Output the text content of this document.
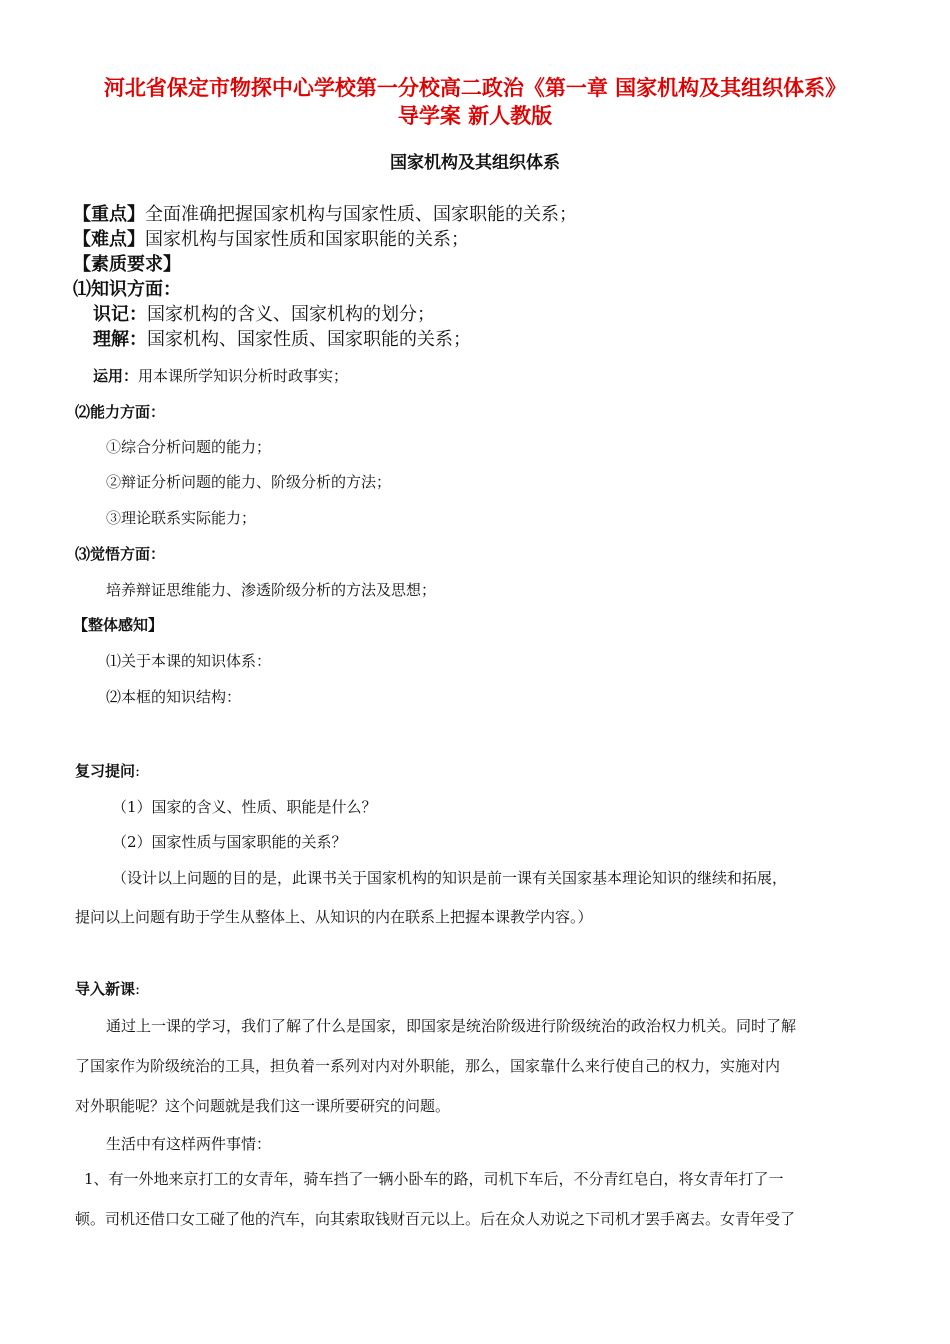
河北省保定市物探中心学校第一分校高二政治《第一章 国家机构及其组织体系》
导学案 新人教版
国家机构及其组织体系
【重点】全面准确把握国家机构与国家性质、国家职能的关系；
【难点】国家机构与国家性质和国家职能的关系；
【素质要求】
⑴知识方面：
识记：国家机构的含义、国家机构的划分；
理解：国家机构、国家性质、国家职能的关系；
运用：用本课所学知识分析时政事实；
⑵能力方面：
①综合分析问题的能力；
②辩证分析问题的能力、阶级分析的方法；
③理论联系实际能力；
⑶觉悟方面：
培养辩证思维能力、渗透阶级分析的方法及思想；
【整体感知】
⑴关于本课的知识体系：
⑵本框的知识结构：
复习提问:
（1）国家的含义、性质、职能是什么？
（2）国家性质与国家职能的关系？
（设计以上问题的目的是，此课书关于国家机构的知识是前一课有关国家基本理论知识的继续和拓展，
提问以上问题有助于学生从整体上、从知识的内在联系上把握本课教学内容。）
导入新课:
通过上一课的学习，我们了解了什么是国家，即国家是统治阶级进行阶级统治的政治权力机关。同时了解
了国家作为阶级统治的工具，担负着一系列对内对外职能，那么，国家靠什么来行使自己的权力，实施对内
对外职能呢？这个问题就是我们这一课所要研究的问题。
生活中有这样两件事情：
1、有一外地来京打工的女青年，骑车挡了一辆小卧车的路，司机下车后，不分青红皂白，将女青年打了一
顿。司机还借口女工碰了他的汽车，向其索取钱财百元以上。后在众人劝说之下司机才罢手离去。女青年受了
